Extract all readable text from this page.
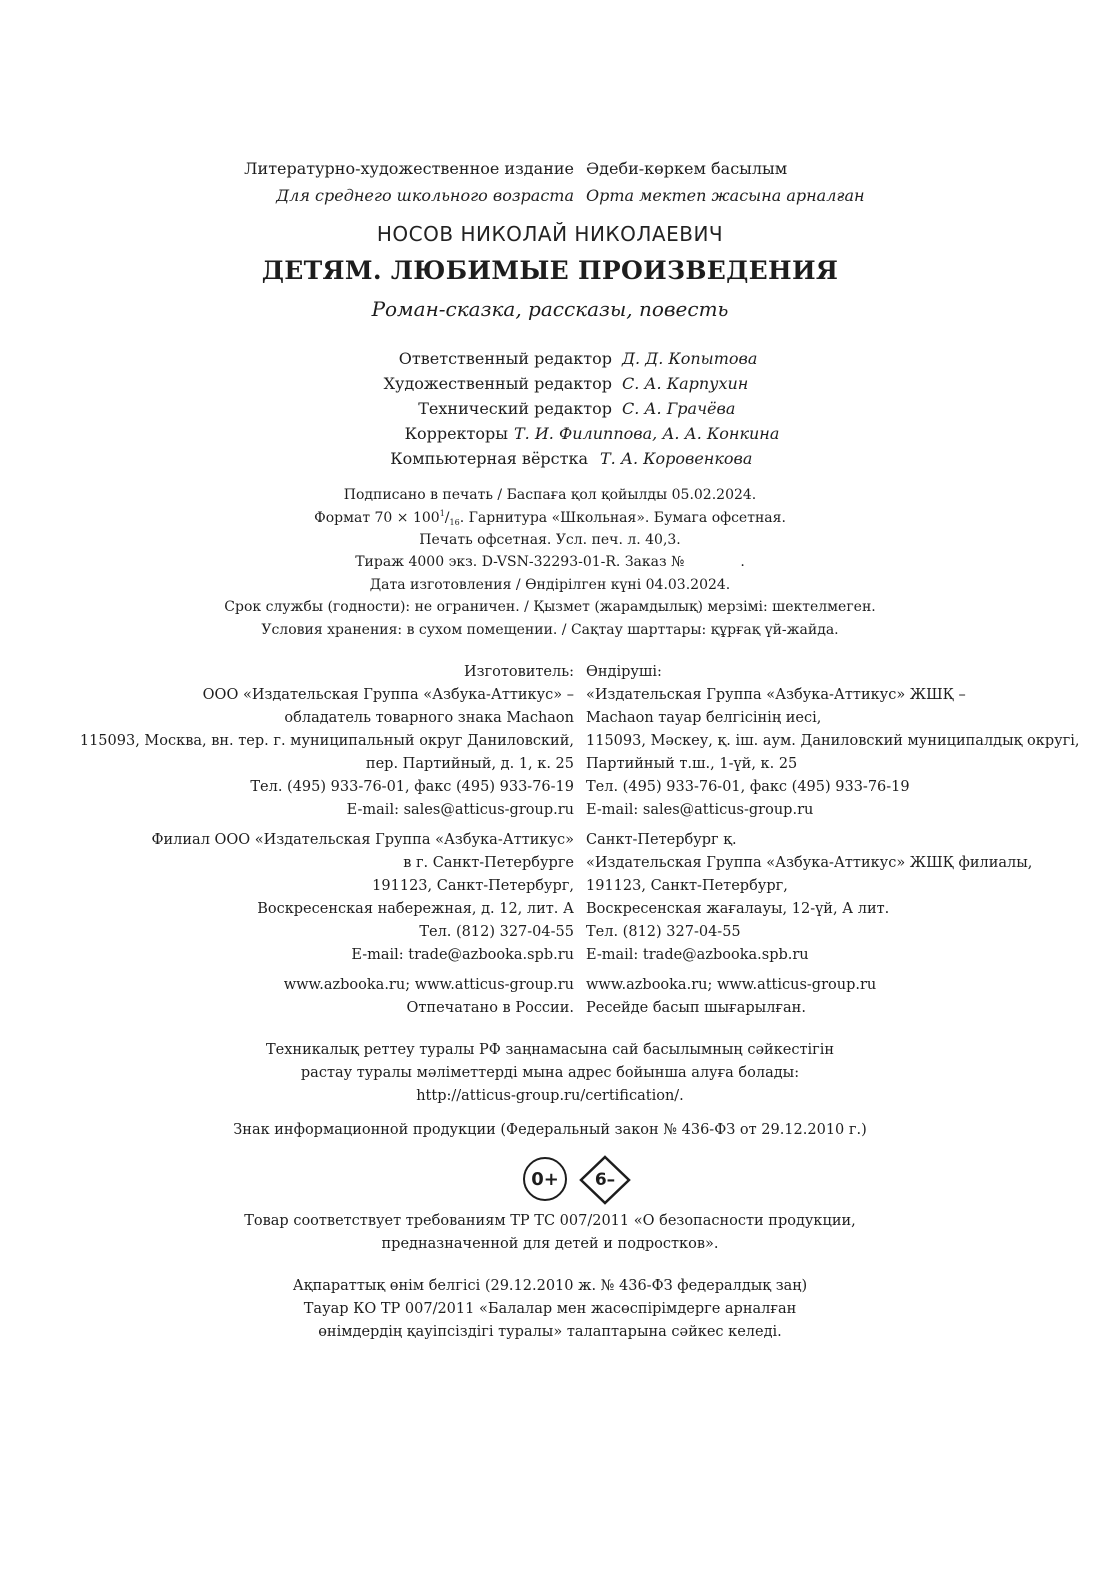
Литературно-художественное издание Әдеби-көркем басылым
Для среднего школьного возраста Орта мектеп жасына арналған
НОСОВ НИКОЛАЙ НИКОЛАЕВИЧ
ДЕТЯМ. ЛЮБИМЫЕ ПРОИЗВЕДЕНИЯ
Роман-сказка, рассказы, повесть
Ответственный редактор Д. Д. Копытова
Художественный редактор С. А. Карпухин
Технический редактор С. А. Грачёва
Корректоры Т. И. Филиппова, А. А. Конкина
Компьютерная вёрстка Т. А. Коровенкова
Подписано в печать / Баспаға қол қойылды 05.02.2024.
Формат $70 \times 100^1/_{16}$. Гарнитура «Школьная». Бумага офсетная.
Печать офсетная. Усл. печ. л. 40,3.
Тираж 4000 экз. D-VSN-32293-01-R. Заказ №	.
Дата изготовления / Өндірілген күні 04.03.2024.
Срок службы (годности): не ограничен. / Қызмет (жарамдылық) мерзімі: шектелмеген.
Условия хранения: в сухом помещении. / Сақтау шарттары: құрғақ үй-жайда.
Изготовитель: Өндіруші:
ООО «Издательская Группа «Азбука-Аттикус» – «Издательская Группа «Азбука-Аттикус» ЖШҚ –
обладатель товарного знака Machaon Machaon тауар белгісінің иесі,
115093, Москва, вн. тер. г. муниципальный округ Даниловский, 115093, Мәскеу, қ. іш. аум. Даниловский муниципалдық округі,
пер. Партийный, д. 1, к. 25 Партийный т.ш., 1-үй, к. 25
Тел. (495) 933-76-01, факс (495) 933-76-19 Тел. (495) 933-76-01, факс (495) 933-76-19
E-mail: sales@atticus-group.ru E-mail: sales@atticus-group.ru
Филиал ООО «Издательская Группа «Азбука-Аттикус» Санкт-Петербург қ.
в г. Санкт-Петербурге «Издательская Группа «Азбука-Аттикус» ЖШҚ филиалы,
191123, Санкт-Петербург, 191123, Санкт-Петербург,
Воскресенская набережная, д. 12, лит. А Воскресенская жағалауы, 12-үй, А лит.
Тел. (812) 327-04-55 Тел. (812) 327-04-55
E-mail: trade@azbooka.spb.ru E-mail: trade@azbooka.spb.ru
www.azbooka.ru; www.atticus-group.ru www.azbooka.ru; www.atticus-group.ru
Отпечатано в России. Ресейде басып шығарылған.
Техникалық реттеу туралы РФ заңнамасына сай басылымның сәйкестігін
растау туралы мәліметтерді мына адрес бойынша алуға болады:
http://atticus-group.ru/certification/.
Знак информационной продукции (Федеральный закон № 436-ФЗ от 29.12.2010 г.)
0+	6–
Товар соответствует требованиям ТР ТС 007/2011 «О безопасности продукции,
предназначенной для детей и подростков».
Ақпараттық өнім белгісі (29.12.2010 ж. № 436-ФЗ федералдық заң)
Тауар КО ТР 007/2011 «Балалар мен жасөспірімдерге арналған
өнімдердің қауіпсіздігі туралы» талаптарына сәйкес келеді.
